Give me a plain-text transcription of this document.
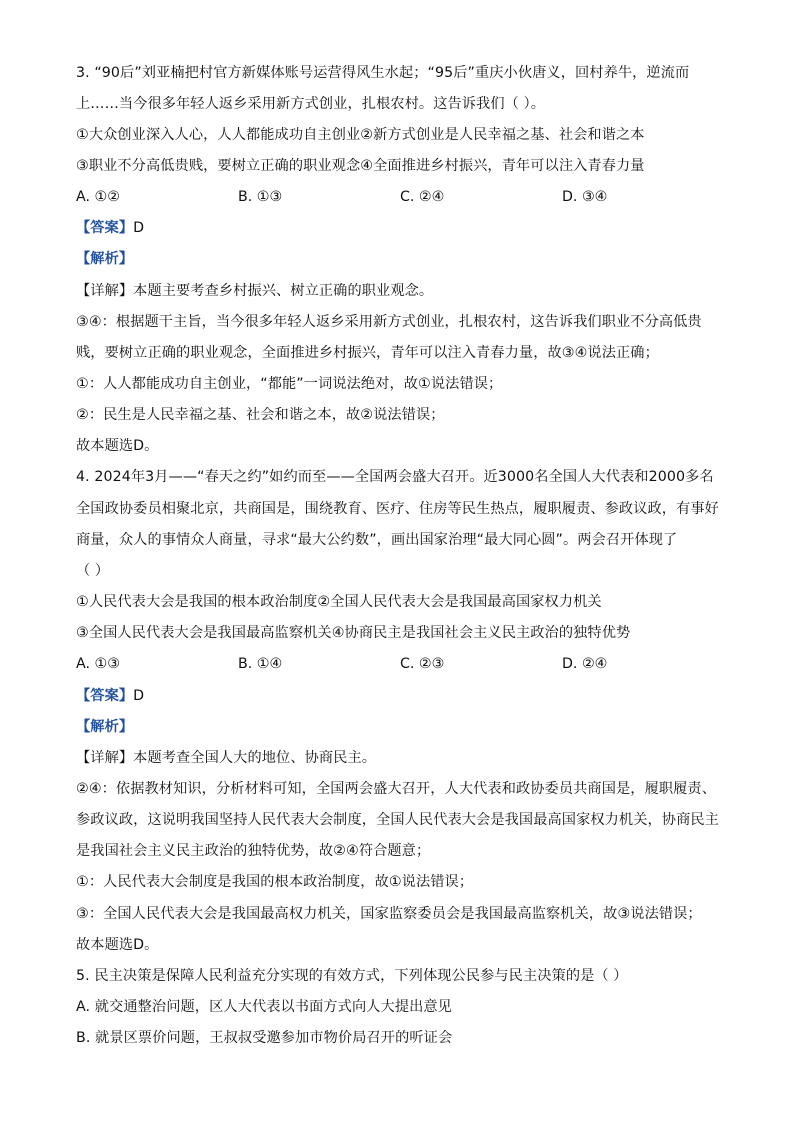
3. “90后”刘亚楠把村官方新媒体账号运营得风生水起；“95后”重庆小伙唐义，回村养牛，逆流而
上……当今很多年轻人返乡采用新方式创业，扎根农村。这告诉我们（ ）。
①大众创业深入人心，人人都能成功自主创业②新方式创业是人民幸福之基、社会和谐之本
③职业不分高低贵贱，要树立正确的职业观念④全面推进乡村振兴，青年可以注入青春力量
A. ①②	B. ①③	C. ②④	D. ③④
【答案】D
【解析】
【详解】本题主要考查乡村振兴、树立正确的职业观念。
③④：根据题干主旨，当今很多年轻人返乡采用新方式创业，扎根农村，这告诉我们职业不分高低贵
贱，要树立正确的职业观念，全面推进乡村振兴，青年可以注入青春力量，故③④说法正确；
①：人人都能成功自主创业，“都能”一词说法绝对，故①说法错误；
②：民生是人民幸福之基、社会和谐之本，故②说法错误；
故本题选D。
4. 2024年3月——“春天之约”如约而至——全国两会盛大召开。近3000名全国人大代表和2000多名
全国政协委员相聚北京，共商国是，围绕教育、医疗、住房等民生热点，履职履责、参政议政，有事好
商量，众人的事情众人商量，寻求“最大公约数”，画出国家治理“最大同心圆”。两会召开体现了
（ ）
①人民代表大会是我国的根本政治制度②全国人民代表大会是我国最高国家权力机关
③全国人民代表大会是我国最高监察机关④协商民主是我国社会主义民主政治的独特优势
A. ①③	B. ①④	C. ②③	D. ②④
【答案】D
【解析】
【详解】本题考查全国人大的地位、协商民主。
②④：依据教材知识，分析材料可知，全国两会盛大召开，人大代表和政协委员共商国是，履职履责、
参政议政，这说明我国坚持人民代表大会制度，全国人民代表大会是我国最高国家权力机关，协商民主
是我国社会主义民主政治的独特优势，故②④符合题意；
①：人民代表大会制度是我国的根本政治制度，故①说法错误；
③：全国人民代表大会是我国最高权力机关，国家监察委员会是我国最高监察机关，故③说法错误；
故本题选D。
5. 民主决策是保障人民利益充分实现的有效方式，下列体现公民参与民主决策的是（ ）
A. 就交通整治问题，区人大代表以书面方式向人大提出意见
B. 就景区票价问题，王叔叔受邀参加市物价局召开的听证会
